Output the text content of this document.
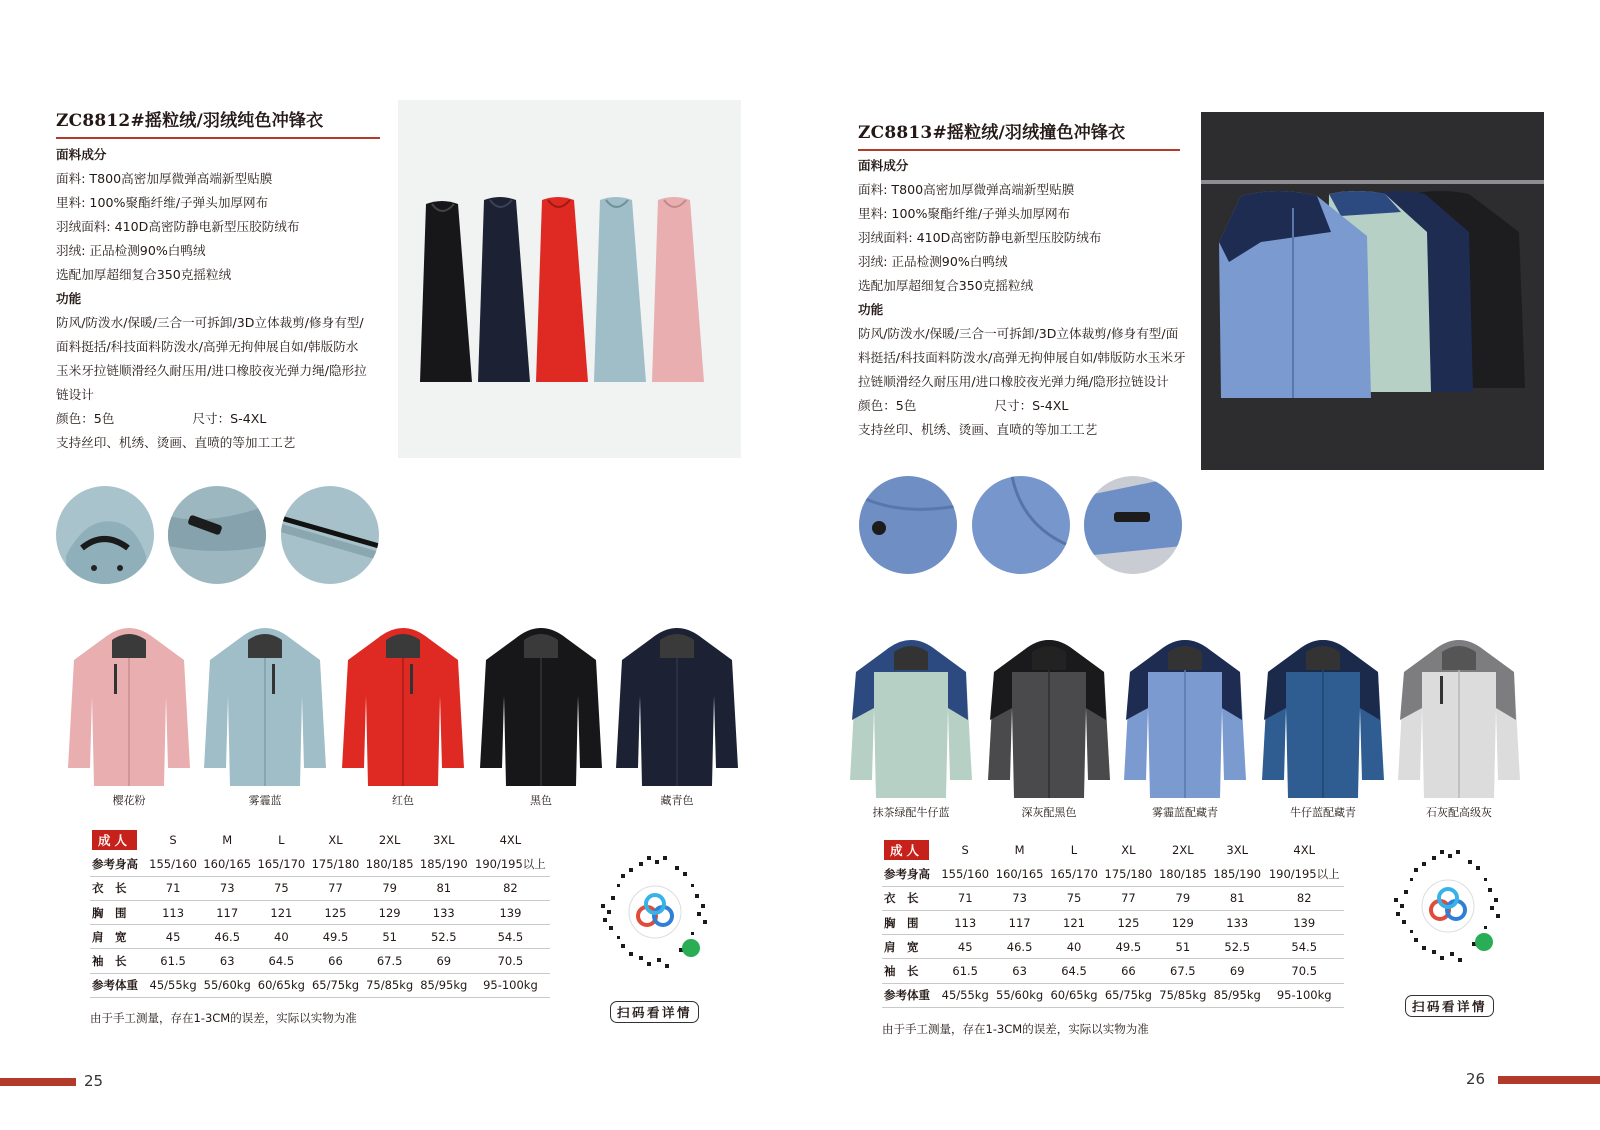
ZC8812#摇粒绒/羽绒纯色冲锋衣
面料成分
面料: T800高密加厚微弹高端新型贴膜
里料: 100%聚酯纤维/子弹头加厚网布
羽绒面料: 410D高密防静电新型压胶防绒布
羽绒: 正品检测90%白鸭绒
选配加厚超细复合350克摇粒绒
功能
防风/防泼水/保暖/三合一可拆卸/3D立体裁剪/修身有型/
面料挺括/科技面料防泼水/高弹无拘伸展自如/韩版防水
玉米牙拉链顺滑经久耐压用/进口橡胶夜光弹力绳/隐形拉
链设计
颜色：5色	尺寸：S-4XL
支持丝印、机绣、烫画、直喷的等加工工艺
樱花粉	雾霾蓝	红色	黑色	藏青色
成人	S	M	L	XL	2XL	3XL	4XL
参考身高	155/160	160/165	165/170	175/180	180/185	185/190	190/195以上
衣　长	71	73	75	77	79	81	82
胸　围	113	117	121	125	129	133	139
肩　宽	45	46.5	40	49.5	51	52.5	54.5
袖　长	61.5	63	64.5	66	67.5	69	70.5
参考体重	45/55kg	55/60kg	60/65kg	65/75kg	75/85kg	85/95kg	95-100kg
由于手工测量，存在1-3CM的误差，实际以实物为准	扫码看详情
25
ZC8813#摇粒绒/羽绒撞色冲锋衣
面料成分
面料: T800高密加厚微弹高端新型贴膜
里料: 100%聚酯纤维/子弹头加厚网布
羽绒面料: 410D高密防静电新型压胶防绒布
羽绒: 正品检测90%白鸭绒
选配加厚超细复合350克摇粒绒
功能
防风/防泼水/保暖/三合一可拆卸/3D立体裁剪/修身有型/面
料挺括/科技面料防泼水/高弹无拘伸展自如/韩版防水玉米牙
拉链顺滑经久耐压用/进口橡胶夜光弹力绳/隐形拉链设计
颜色：5色	尺寸：S-4XL
支持丝印、机绣、烫画、直喷的等加工工艺
抹茶绿配牛仔蓝	深灰配黑色	雾霾蓝配藏青	牛仔蓝配藏青	石灰配高级灰
成人	S	M	L	XL	2XL	3XL	4XL
参考身高	155/160	160/165	165/170	175/180	180/185	185/190	190/195以上
衣　长	71	73	75	77	79	81	82
胸　围	113	117	121	125	129	133	139
肩　宽	45	46.5	40	49.5	51	52.5	54.5
袖　长	61.5	63	64.5	66	67.5	69	70.5
参考体重	45/55kg	55/60kg	60/65kg	65/75kg	75/85kg	85/95kg	95-100kg
由于手工测量，存在1-3CM的误差，实际以实物为准
扫码看详情
26
